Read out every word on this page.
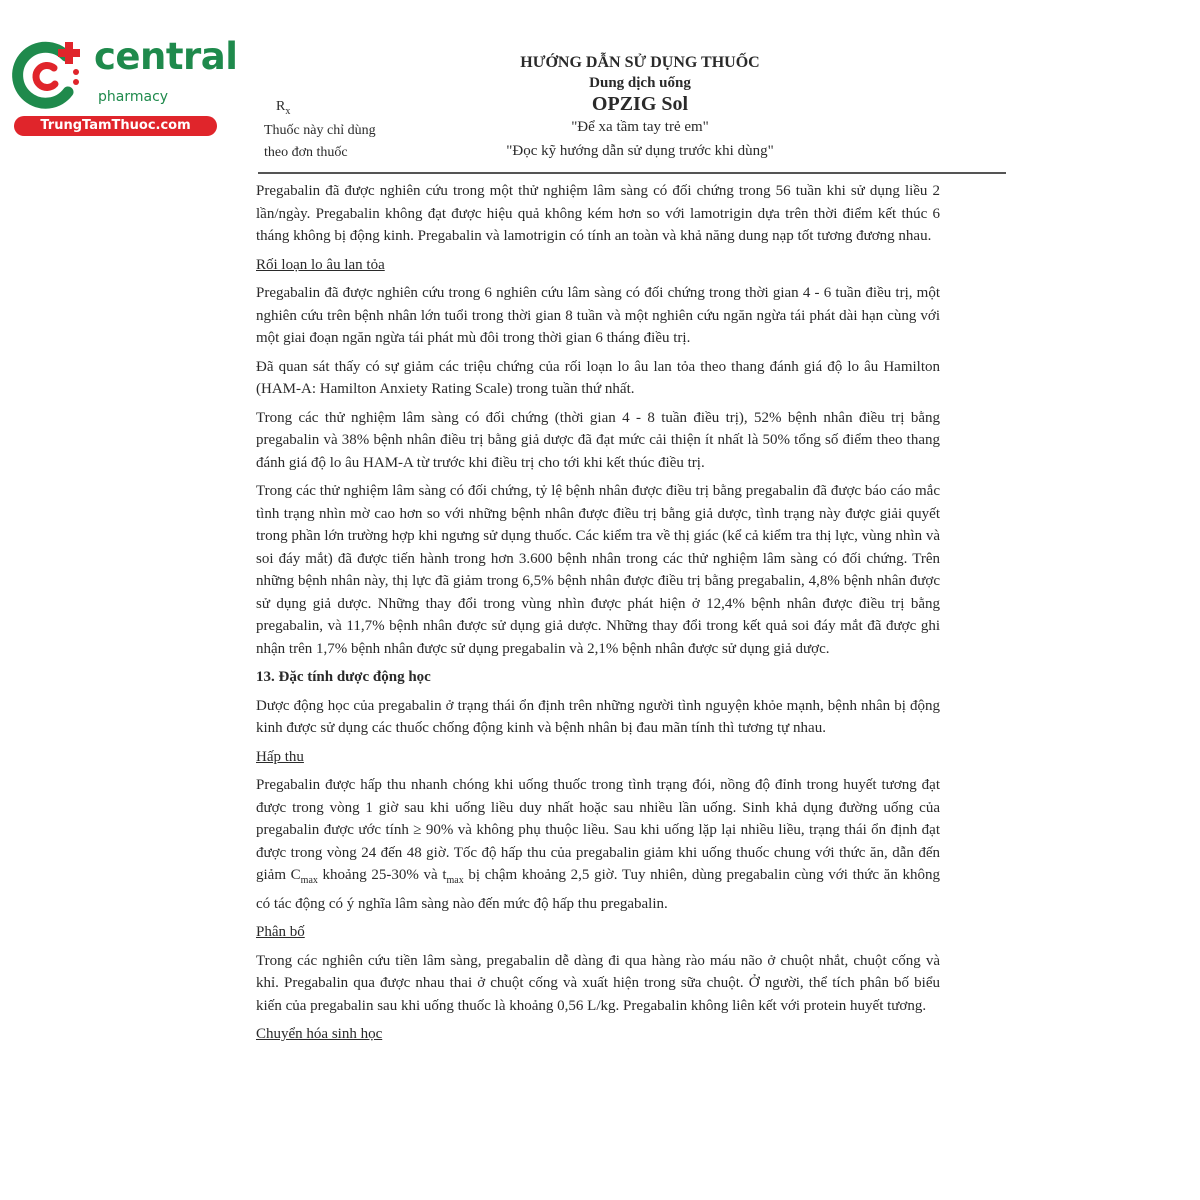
central
pharmacy
TrungTamThuoc.com
HƯỚNG DẪN SỬ DỤNG THUỐC
Dung dịch uống
OPZIG Sol
$R_x$
Thuốc này chỉ dùng
theo đơn thuốc
"Để xa tầm tay trẻ em"
"Đọc kỹ hướng dẫn sử dụng trước khi dùng"

Pregabalin đã được nghiên cứu trong một thử nghiệm lâm sàng có đối chứng trong 56 tuần khi sử dụng liều 2 lần/ngày. Pregabalin không đạt được hiệu quả không kém hơn so với lamotrigin dựa trên thời điểm kết thúc 6 tháng không bị động kinh. Pregabalin và lamotrigin có tính an toàn và khả năng dung nạp tốt tương đương nhau.

Rối loạn lo âu lan tỏa

Pregabalin đã được nghiên cứu trong 6 nghiên cứu lâm sàng có đối chứng trong thời gian 4 - 6 tuần điều trị, một nghiên cứu trên bệnh nhân lớn tuổi trong thời gian 8 tuần và một nghiên cứu ngăn ngừa tái phát dài hạn cùng với một giai đoạn ngăn ngừa tái phát mù đôi trong thời gian 6 tháng điều trị.

Đã quan sát thấy có sự giảm các triệu chứng của rối loạn lo âu lan tỏa theo thang đánh giá độ lo âu Hamilton (HAM-A: Hamilton Anxiety Rating Scale) trong tuần thứ nhất.

Trong các thử nghiệm lâm sàng có đối chứng (thời gian 4 - 8 tuần điều trị), 52% bệnh nhân điều trị bằng pregabalin và 38% bệnh nhân điều trị bằng giả dược đã đạt mức cải thiện ít nhất là 50% tổng số điểm theo thang đánh giá độ lo âu HAM-A từ trước khi điều trị cho tới khi kết thúc điều trị.

Trong các thử nghiệm lâm sàng có đối chứng, tỷ lệ bệnh nhân được điều trị bằng pregabalin đã được báo cáo mắc tình trạng nhìn mờ cao hơn so với những bệnh nhân được điều trị bằng giả dược, tình trạng này được giải quyết trong phần lớn trường hợp khi ngưng sử dụng thuốc. Các kiểm tra về thị giác (kể cả kiểm tra thị lực, vùng nhìn và soi đáy mắt) đã được tiến hành trong hơn 3.600 bệnh nhân trong các thử nghiệm lâm sàng có đối chứng. Trên những bệnh nhân này, thị lực đã giảm trong 6,5% bệnh nhân được điều trị bằng pregabalin, 4,8% bệnh nhân được sử dụng giả dược. Những thay đổi trong vùng nhìn được phát hiện ở 12,4% bệnh nhân được điều trị bằng pregabalin, và 11,7% bệnh nhân được sử dụng giả dược. Những thay đổi trong kết quả soi đáy mắt đã được ghi nhận trên 1,7% bệnh nhân được sử dụng pregabalin và 2,1% bệnh nhân được sử dụng giả dược.

13. Đặc tính dược động học

Dược động học của pregabalin ở trạng thái ổn định trên những người tình nguyện khỏe mạnh, bệnh nhân bị động kinh được sử dụng các thuốc chống động kinh và bệnh nhân bị đau mãn tính thì tương tự nhau.

Hấp thu

Pregabalin được hấp thu nhanh chóng khi uống thuốc trong tình trạng đói, nồng độ đỉnh trong huyết tương đạt được trong vòng 1 giờ sau khi uống liều duy nhất hoặc sau nhiều lần uống. Sinh khả dụng đường uống của pregabalin được ước tính ≥ 90% và không phụ thuộc liều. Sau khi uống lặp lại nhiều liều, trạng thái ổn định đạt được trong vòng 24 đến 48 giờ. Tốc độ hấp thu của pregabalin giảm khi uống thuốc chung với thức ăn, dẫn đến giảm $C_{max}$ khoảng 25-30% và $t_{max}$ bị chậm khoảng 2,5 giờ. Tuy nhiên, dùng pregabalin cùng với thức ăn không có tác động có ý nghĩa lâm sàng nào đến mức độ hấp thu pregabalin.

Phân bố

Trong các nghiên cứu tiền lâm sàng, pregabalin dễ dàng đi qua hàng rào máu não ở chuột nhắt, chuột cống và khỉ. Pregabalin qua được nhau thai ở chuột cống và xuất hiện trong sữa chuột. Ở người, thể tích phân bố biểu kiến của pregabalin sau khi uống thuốc là khoảng 0,56 L/kg. Pregabalin không liên kết với protein huyết tương.

Chuyển hóa sinh học
